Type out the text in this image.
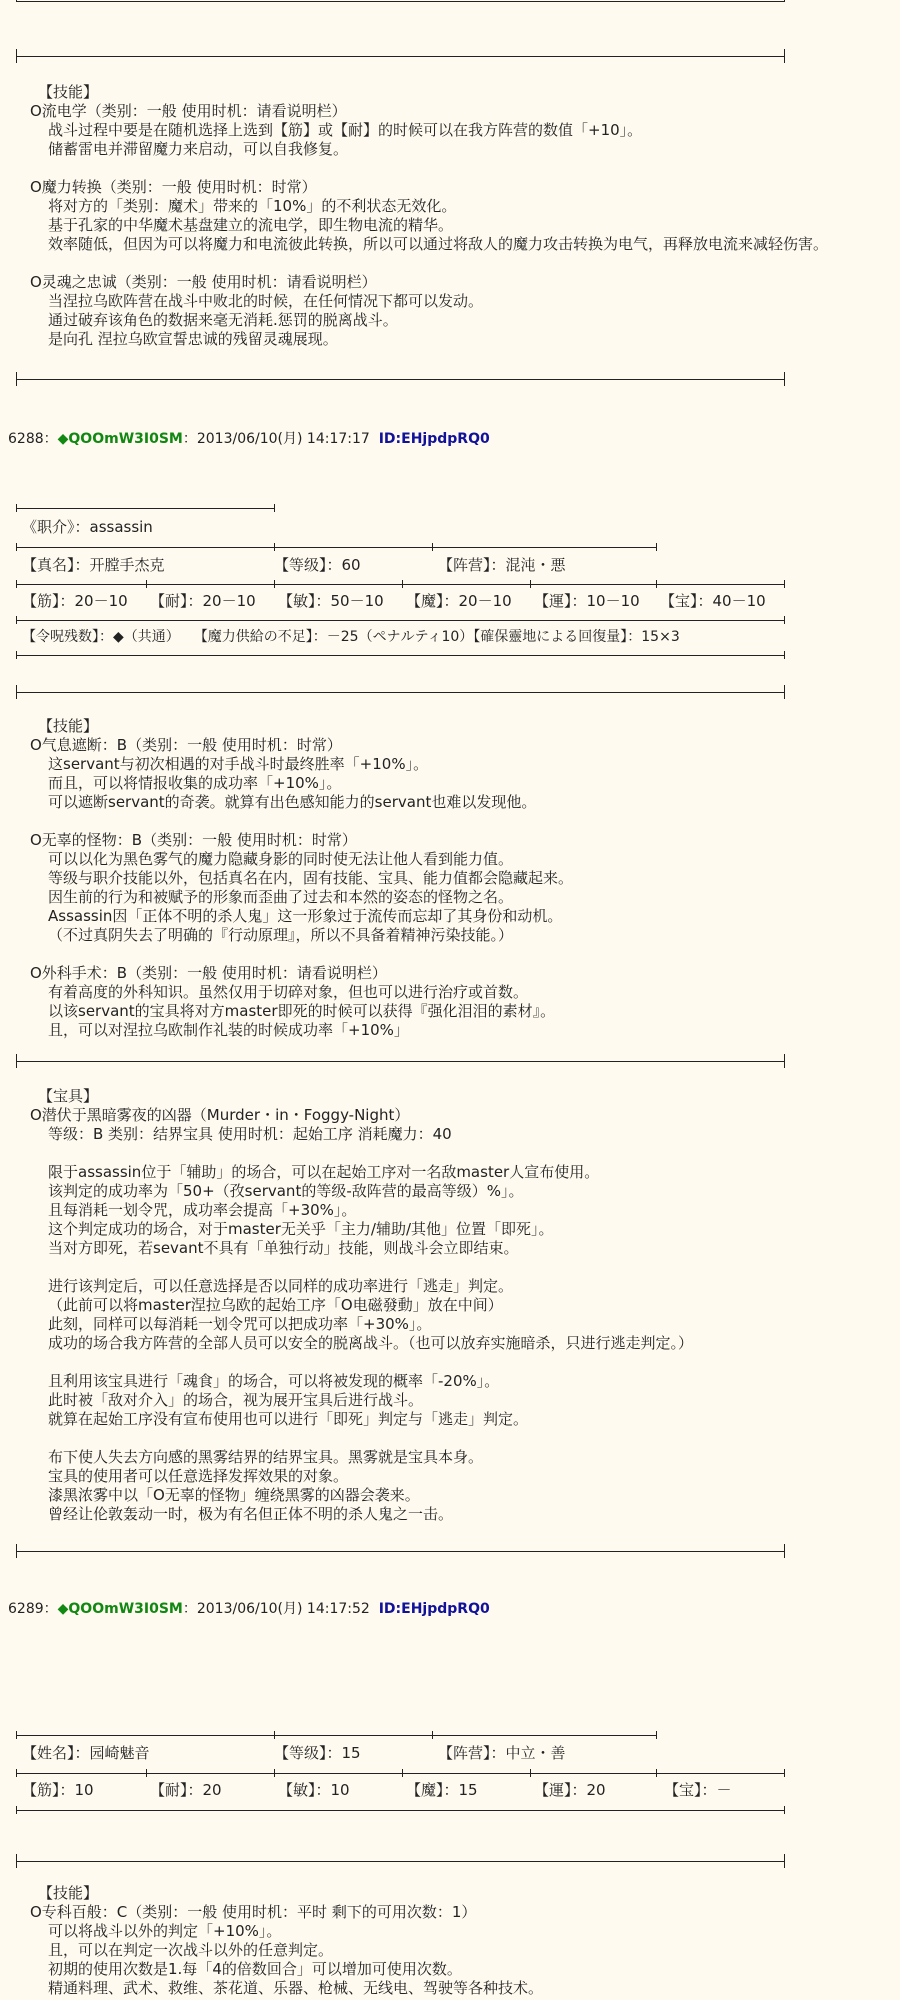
【技能】
O流电学（类别：一般 使用时机：请看说明栏）
战斗过程中要是在随机选择上选到【筋】或【耐】的时候可以在我方阵营的数值「+10」。
储蓄雷电并滞留魔力来启动，可以自我修复。
O魔力转换（类别：一般 使用时机：时常）
将对方的「类别：魔术」带来的「10%」的不利状态无效化。
基于孔家的中华魔术基盘建立的流电学，即生物电流的精华。
效率随低，但因为可以将魔力和电流彼此转换，所以可以通过将敌人的魔力攻击转换为电气，再释放电流来减轻伤害。
O灵魂之忠诚（类别：一般 使用时机：请看说明栏）
当涅拉乌欧阵营在战斗中败北的时候，在任何情况下都可以发动。
通过破弃该角色的数据来毫无消耗.惩罚的脱离战斗。
是向孔 涅拉乌欧宣誓忠诚的残留灵魂展现。
6288：◆QOOmW3I0SM：2013/06/10(月) 14:17:17 ID:EHjpdpRQ0
《职介》：assassin
【真名】：开膛手杰克	【等级】：60	【阵营】：混沌・悪
【筋】：20－10 【耐】：20－10 【敏】：50－10 【魔】：20－10 【運】：10－10 【宝】：40－10
【令呪残数】：◆（共通）　　【魔力供給の不足】：－25（ペナルティ10）【確保靈地による回復量】：15×3
【技能】
O气息遮断：B（类别：一般 使用时机：时常）
这servant与初次相遇的对手战斗时最终胜率「+10%」。
而且，可以将情报收集的成功率「+10%」。
可以遮断servant的奇袭。就算有出色感知能力的servant也难以发现他。
O无辜的怪物：B（类别：一般 使用时机：时常）
可以以化为黑色雾气的魔力隐藏身影的同时使无法让他人看到能力值。
等级与职介技能以外，包括真名在内，固有技能、宝具、能力值都会隐藏起来。
因生前的行为和被赋予的形象而歪曲了过去和本然的姿态的怪物之名。
Assassin因「正体不明的杀人鬼」这一形象过于流传而忘却了其身份和动机。
（不过真阴失去了明确的『行动原理』，所以不具备着精神污染技能。）
O外科手术：B（类别：一般 使用时机：请看说明栏）
有着高度的外科知识。虽然仅用于切碎对象，但也可以进行治疗或首数。
以该servant的宝具将对方master即死的时候可以获得『强化泪泪的素材』。
且，可以对涅拉乌欧制作礼装的时候成功率「+10%」
【宝具】
O潜伏于黑暗雾夜的凶器（Murder・in・Foggy-Night）
等级：B 类别：结界宝具 使用时机：起始工序 消耗魔力：40
限于assassin位于「辅助」的场合，可以在起始工序对一名敌master人宣布使用。
该判定的成功率为「50+（孜servant的等级-敌阵营的最高等级）%」。
且每消耗一划令咒，成功率会提高「+30%」。
这个判定成功的场合，对于master无关乎「主力/辅助/其他」位置「即死」。
当对方即死，若sevant不具有「单独行动」技能，则战斗会立即结束。
进行该判定后，可以任意选择是否以同样的成功率进行「逃走」判定。
（此前可以将master涅拉乌欧的起始工序「O电磁發動」放在中间）
此刻，同样可以每消耗一划令咒可以把成功率「+30%」。
成功的场合我方阵营的全部人员可以安全的脱离战斗。（也可以放弃实施暗杀，只进行逃走判定。）
且利用该宝具进行「魂食」的场合，可以将被发现的概率「-20%」。
此时被「敌对介入」的场合，视为展开宝具后进行战斗。
就算在起始工序没有宣布使用也可以进行「即死」判定与「逃走」判定。
布下使人失去方向感的黑雾结界的结界宝具。黑雾就是宝具本身。
宝具的使用者可以任意选择发挥效果的对象。
漆黑浓雾中以「O无辜的怪物」缠绕黑雾的凶器会袭来。
曾经让伦敦轰动一时，极为有名但正体不明的杀人鬼之一击。
6289：◆QOOmW3I0SM：2013/06/10(月) 14:17:52 ID:EHjpdpRQ0
【姓名】：园崎魅音	【等级】：15	【阵营】：中立・善
【筋】：10	【耐】：20	【敏】：10	【魔】：15	【運】：20	【宝】：－
【技能】
O专科百般：C（类别：一般 使用时机：平时 剩下的可用次数：1）
可以将战斗以外的判定「+10%」。
且，可以在判定一次战斗以外的任意判定。
初期的使用次数是1.每「4的倍数回合」可以增加可使用次数。
精通料理、武术、救维、茶花道、乐器、枪械、无线电、驾驶等各种技术。
